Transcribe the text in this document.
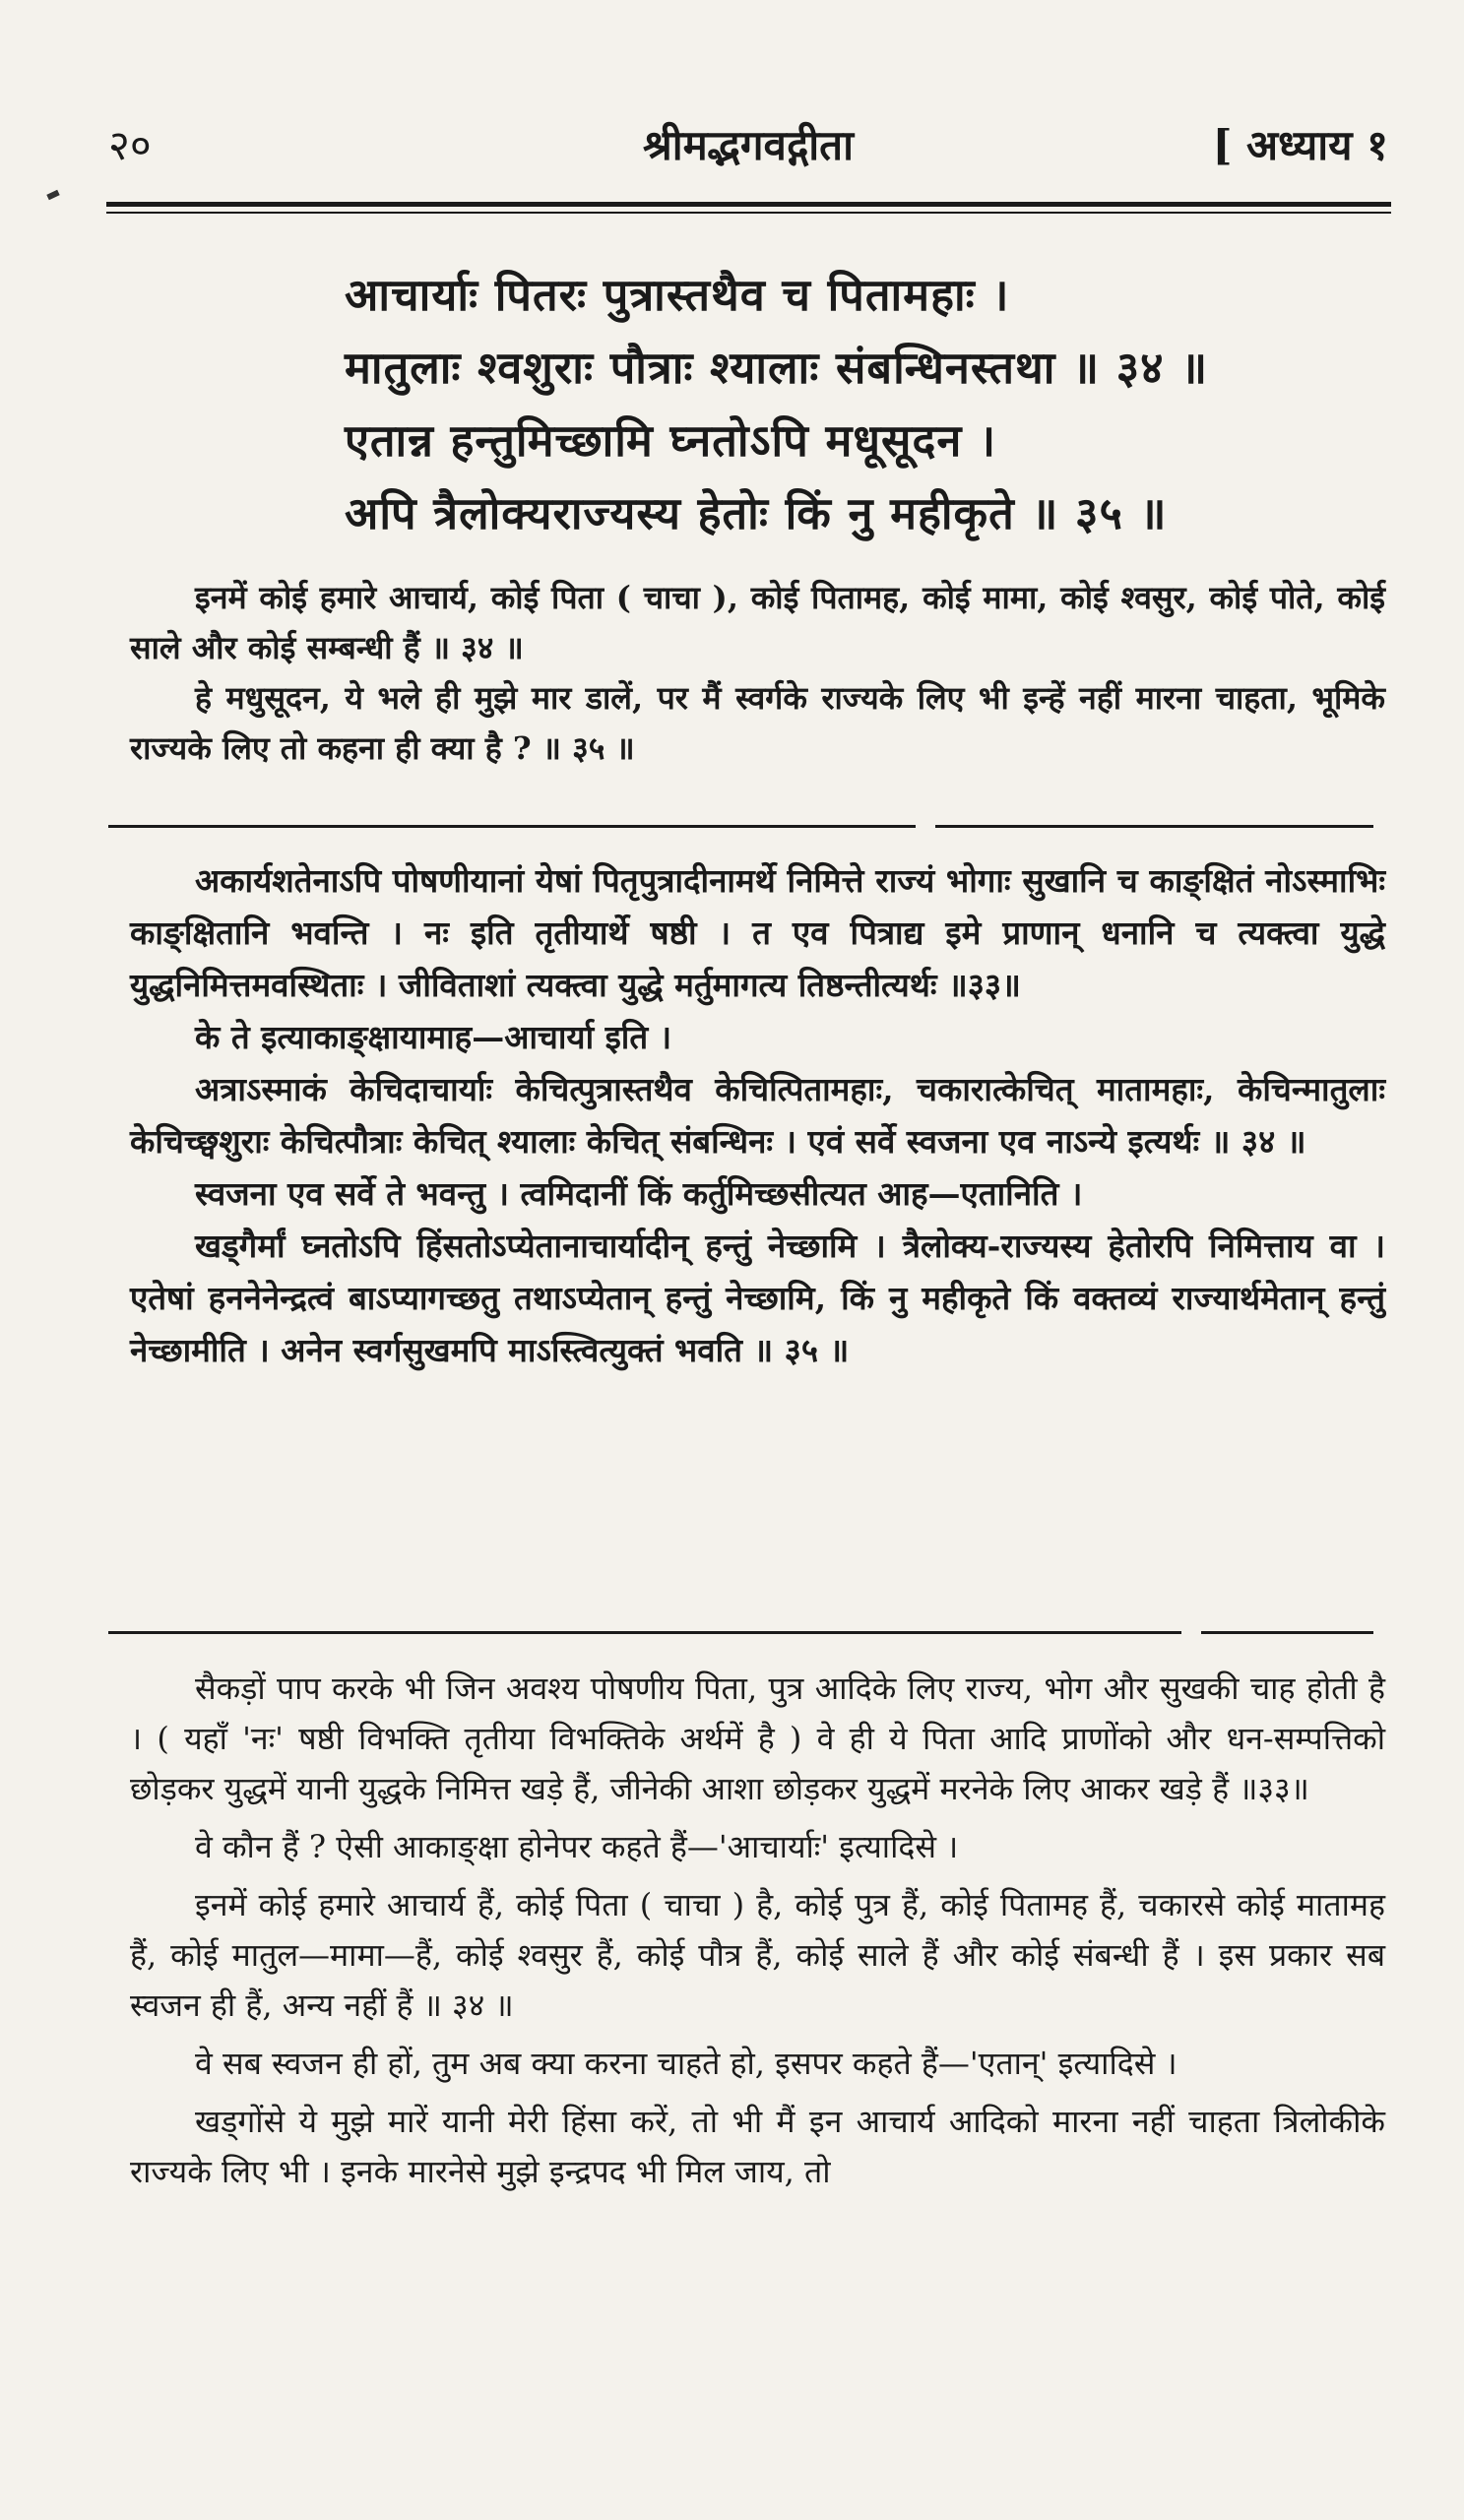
२०	श्रीमद्भगवद्गीता	[ अध्याय १
आचार्याः पितरः पुत्रास्तथैव च पितामहाः ।
मातुलाः श्वशुराः पौत्राः श्यालाः संबन्धिनस्तथा ॥ ३४ ॥
एतान्न हन्तुमिच्छामि घ्नतोऽपि मधूसूदन ।
अपि त्रैलोक्यराज्यस्य हेतोः किं नु महीकृते ॥ ३५ ॥

इनमें कोई हमारे आचार्य, कोई पिता ( चाचा ), कोई पितामह, कोई मामा, कोई श्वसुर, कोई पोते, कोई साले और कोई सम्बन्धी हैं ॥ ३४ ॥

हे मधुसूदन, ये भले ही मुझे मार डालें, पर मैं स्वर्गके राज्यके लिए भी इन्हें नहीं मारना चाहता, भूमिके राज्यके लिए तो कहना ही क्या है ? ॥ ३५ ॥

अकार्यशतेनाऽपि पोषणीयानां येषां पितृपुत्रादीनामर्थे निमित्ते राज्यं भोगाः सुखानि च काङ्क्षितं नोऽस्माभिः काङ्क्षितानि भवन्ति । नः इति तृतीयार्थे षष्ठी । त एव पित्राद्य इमे प्राणान् धनानि च त्यक्त्वा युद्धे युद्धनिमित्तमवस्थिताः । जीविताशां त्यक्त्वा युद्धे मर्तुमागत्य तिष्ठन्तीत्यर्थः ॥३३॥

के ते इत्याकाङ्क्षायामाह—आचार्या इति ।

अत्राऽस्माकं केचिदाचार्याः केचित्पुत्रास्तथैव केचित्पितामहाः, चकारात्केचित् मातामहाः, केचिन्मातुलाः केचिच्छ्वशुराः केचित्पौत्राः केचित् श्यालाः केचित् संबन्धिनः । एवं सर्वे स्वजना एव नाऽन्ये इत्यर्थः ॥ ३४ ॥

स्वजना एव सर्वे ते भवन्तु । त्वमिदानीं किं कर्तुमिच्छसीत्यत आह—एतानिति ।

खड्गैर्मां घ्नतोऽपि हिंसतोऽप्येतानाचार्यादीन् हन्तुं नेच्छामि । त्रैलोक्य-राज्यस्य हेतोरपि निमित्ताय वा । एतेषां हननेनेन्द्रत्वं बाऽप्यागच्छतु तथाऽप्येतान् हन्तुं नेच्छामि, किं नु महीकृते किं वक्तव्यं राज्यार्थमेतान् हन्तुं नेच्छामीति । अनेन स्वर्गसुखमपि माऽस्त्वित्युक्तं भवति ॥ ३५ ॥

सैकड़ों पाप करके भी जिन अवश्य पोषणीय पिता, पुत्र आदिके लिए राज्य, भोग और सुखकी चाह होती है । ( यहाँ 'नः' षष्ठी विभक्ति तृतीया विभक्तिके अर्थमें है ) वे ही ये पिता आदि प्राणोंको और धन-सम्पत्तिको छोड़कर युद्धमें यानी युद्धके निमित्त खड़े हैं, जीनेकी आशा छोड़कर युद्धमें मरनेके लिए आकर खड़े हैं ॥३३॥

वे कौन हैं ? ऐसी आकाङ्क्षा होनेपर कहते हैं—'आचार्याः' इत्यादिसे ।

इनमें कोई हमारे आचार्य हैं, कोई पिता ( चाचा ) है, कोई पुत्र हैं, कोई पितामह हैं, चकारसे कोई मातामह हैं, कोई मातुल—मामा—हैं, कोई श्वसुर हैं, कोई पौत्र हैं, कोई साले हैं और कोई संबन्धी हैं । इस प्रकार सब स्वजन ही हैं, अन्य नहीं हैं ॥ ३४ ॥

वे सब स्वजन ही हों, तुम अब क्या करना चाहते हो, इसपर कहते हैं—'एतान्' इत्यादिसे ।

खड्गोंसे ये मुझे मारें यानी मेरी हिंसा करें, तो भी मैं इन आचार्य आदिको मारना नहीं चाहता त्रिलोकीके राज्यके लिए भी । इनके मारनेसे मुझे इन्द्रपद भी मिल जाय, तो
